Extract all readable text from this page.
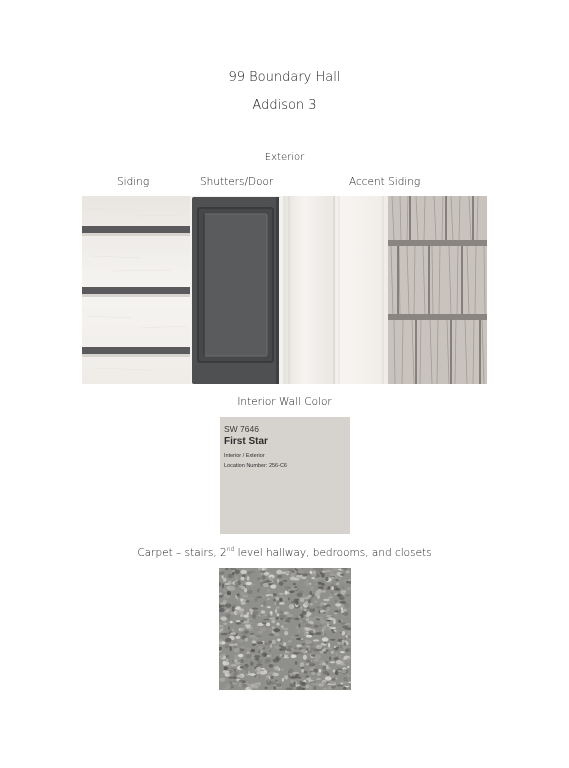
99 Boundary Hall
Addison 3
Exterior
Siding	Shutters/Door	Accent Siding
Interior Wall Color
SW 7646
First Star
Interior / Exterior
Location Number: 256-C6
Carpet – stairs, 2nd level hallway, bedrooms, and closets
